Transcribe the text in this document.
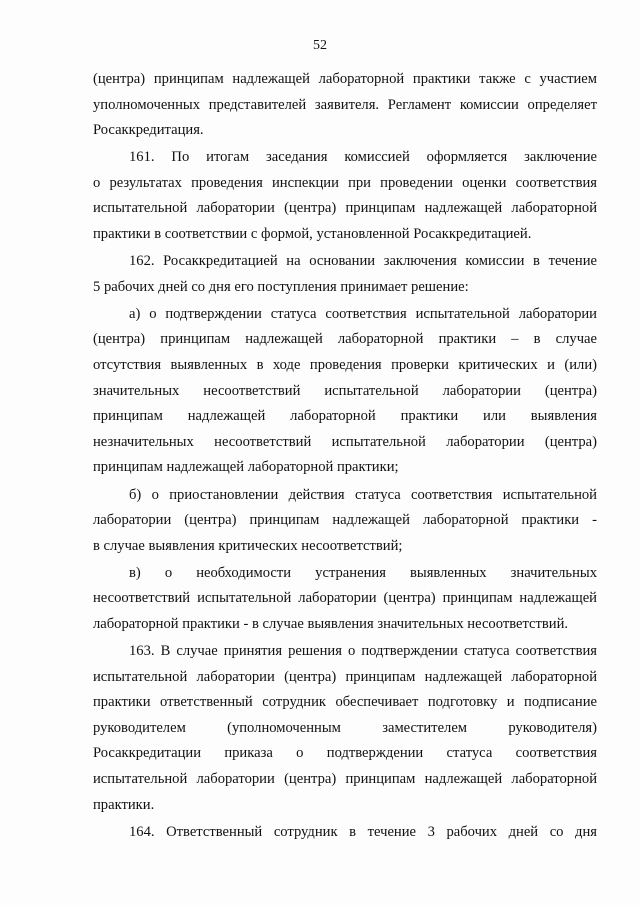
52
(центра) принципам надлежащей лабораторной практики также с участием
уполномоченных представителей заявителя. Регламент комиссии определяет
Росаккредитация.
161. По итогам заседания комиссией оформляется заключение
о результатах проведения инспекции при проведении оценки соответствия
испытательной лаборатории (центра) принципам надлежащей лабораторной
практики в соответствии с формой, установленной Росаккредитацией.
162. Росаккредитацией на основании заключения комиссии в течение
5 рабочих дней со дня его поступления принимает решение:
а) о подтверждении статуса соответствия испытательной лаборатории
(центра) принципам надлежащей лабораторной практики – в случае
отсутствия выявленных в ходе проведения проверки критических и (или)
значительных несоответствий испытательной лаборатории (центра)
принципам надлежащей лабораторной практики или выявления
незначительных несоответствий испытательной лаборатории (центра)
принципам надлежащей лабораторной практики;
б) о приостановлении действия статуса соответствия испытательной
лаборатории (центра) принципам надлежащей лабораторной практики -
в случае выявления критических несоответствий;
в) о необходимости устранения выявленных значительных
несоответствий испытательной лаборатории (центра) принципам надлежащей
лабораторной практики - в случае выявления значительных несоответствий.
163. В случае принятия решения о подтверждении статуса соответствия
испытательной лаборатории (центра) принципам надлежащей лабораторной
практики ответственный сотрудник обеспечивает подготовку и подписание
руководителем (уполномоченным заместителем руководителя)
Росаккредитации приказа о подтверждении статуса соответствия
испытательной лаборатории (центра) принципам надлежащей лабораторной
практики.
164. Ответственный сотрудник в течение 3 рабочих дней со дня
